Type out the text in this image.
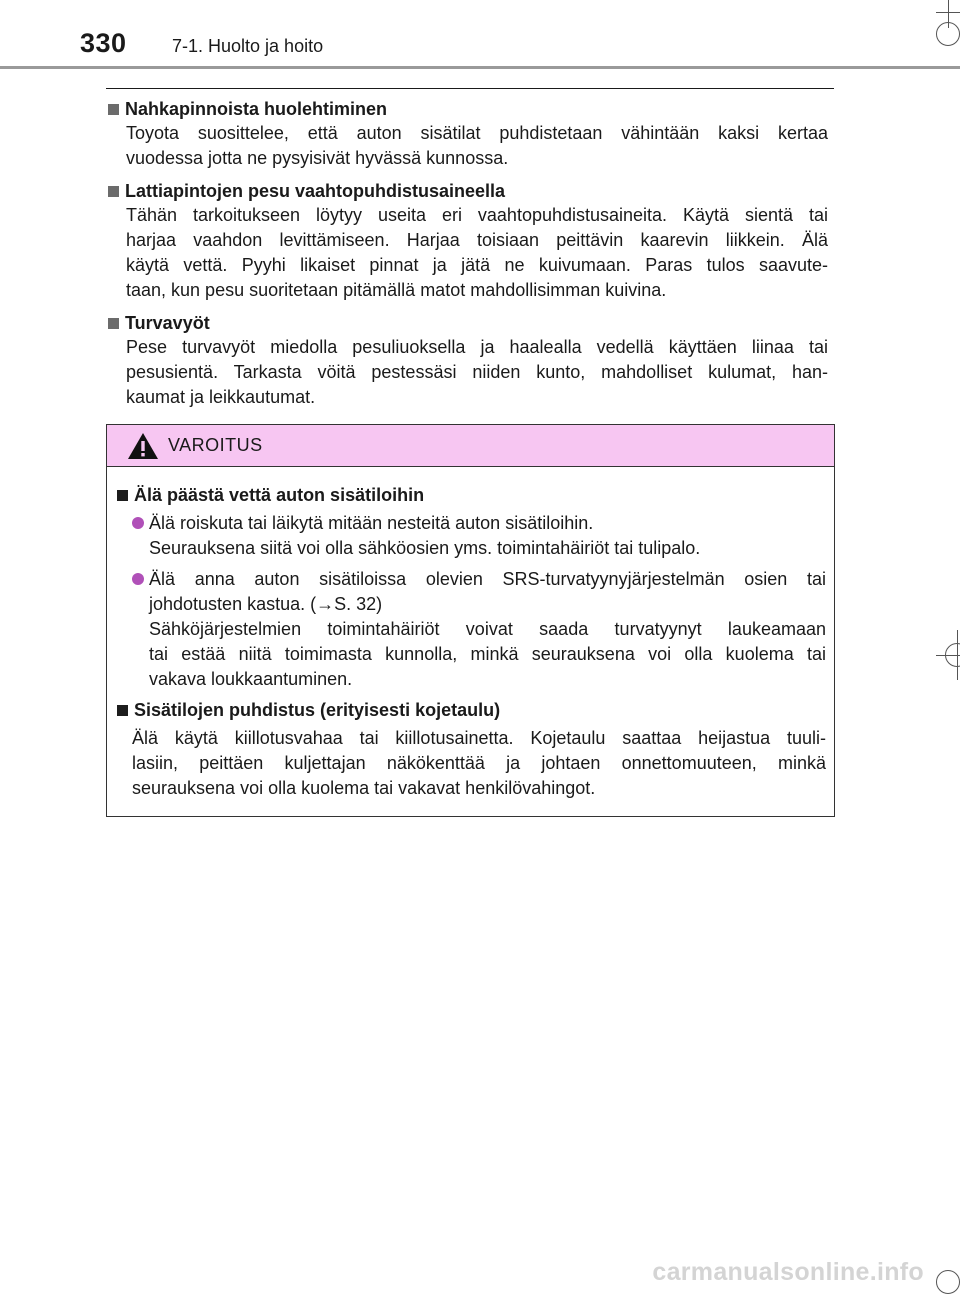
330	7-1. Huolto ja hoito
Nahkapinnoista huolehtiminen
Toyota suosittelee, että auton sisätilat puhdistetaan vähintään kaksi kertaa
vuodessa jotta ne pysyisivät hyvässä kunnossa.
Lattiapintojen pesu vaahtopuhdistusaineella
Tähän tarkoitukseen löytyy useita eri vaahtopuhdistusaineita. Käytä sientä tai
harjaa vaahdon levittämiseen. Harjaa toisiaan peittävin kaarevin liikkein. Älä
käytä vettä. Pyyhi likaiset pinnat ja jätä ne kuivumaan. Paras tulos saavute-
taan, kun pesu suoritetaan pitämällä matot mahdollisimman kuivina.
Turvavyöt
Pese turvavyöt miedolla pesuliuoksella ja haalealla vedellä käyttäen liinaa tai
pesusientä. Tarkasta vöitä pestessäsi niiden kunto, mahdolliset kulumat, han-
kaumat ja leikkautumat.
VAROITUS
Älä päästä vettä auton sisätiloihin
Älä roiskuta tai läikytä mitään nesteitä auton sisätiloihin.
Seurauksena siitä voi olla sähköosien yms. toimintahäiriöt tai tulipalo.
Älä anna auton sisätiloissa olevien SRS-turvatyynyjärjestelmän osien tai
johdotusten kastua. (→S. 32)
Sähköjärjestelmien toimintahäiriöt voivat saada turvatyynyt laukeamaan
tai estää niitä toimimasta kunnolla, minkä seurauksena voi olla kuolema tai
vakava loukkaantuminen.
Sisätilojen puhdistus (erityisesti kojetaulu)
Älä käytä kiillotusvahaa tai kiillotusainetta. Kojetaulu saattaa heijastua tuuli-
lasiin, peittäen kuljettajan näkökenttää ja johtaen onnettomuuteen, minkä
seurauksena voi olla kuolema tai vakavat henkilövahingot.
carmanualsonline.info
